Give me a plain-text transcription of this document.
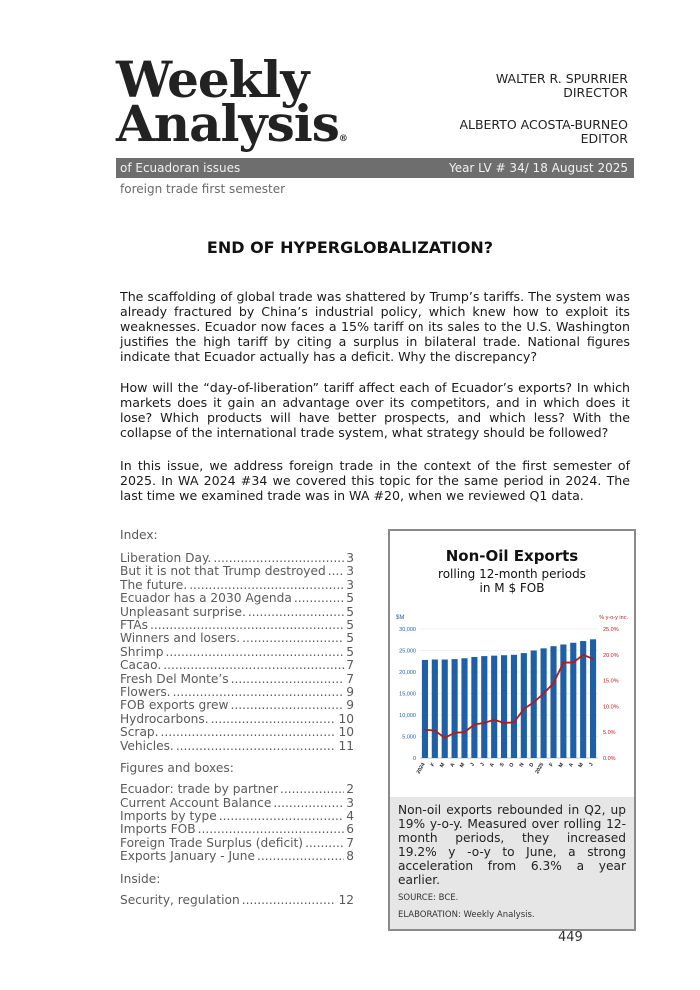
Weekly
Analysis®
WALTER R. SPURRIER
DIRECTOR
ALBERTO ACOSTA-BURNEO
EDITOR
of Ecuadoran issues	Year LV # 34/ 18 August 2025
foreign trade first semester
END OF HYPERGLOBALIZATION?
The scaffolding of global trade was shattered by Trump’s tariffs. The system was already fractured by China’s industrial policy, which knew how to exploit its weaknesses. Ecuador now faces a 15% tariff on its sales to the U.S. Washington justifies the high tariff by citing a surplus in bilateral trade. National figures indicate that Ecuador actually has a deficit. Why the discrepancy?
How will the “day-of-liberation” tariff affect each of Ecuador’s exports? In which markets does it gain an advantage over its competitors, and in which does it lose? Which products will have better prospects, and which less? With the collapse of the international trade system, what strategy should be followed?
In this issue, we address foreign trade in the context of the first semester of 2025. In WA 2024 #34 we covered this topic for the same period in 2024. The last time we examined trade was in WA #20, when we reviewed Q1 data.
Index:
Liberation Day. .....	3
But it is not that Trump destroyed ..... 3
The future. .....	3
Ecuador has a 2030 Agenda .....	5
Unpleasant surprise. .....	5
FTAs .....	5
Winners and losers. .....	5
Shrimp .....	5
Cacao. .....	7
Fresh Del Monte’s .....	7
Flowers. .....	9
FOB exports grew .....	9
Hydrocarbons. .....	10
Scrap. .....	10
Vehicles. .....	11
Figures and boxes:
Ecuador: trade by partner .....	2
Current Account Balance .....	3
Imports by type .....	4
Imports FOB .....	6
Foreign Trade Surplus (deficit) .....	7
Exports January - June .....	8
Inside:
Security, regulation .....	12
Non-Oil Exports
rolling 12-month periods
in M $ FOB
$M	% y-o-y inc.
0
5,000
10,000
15,000
20,000
25,000
30,000
0.0%
5.0%
10.0%
15.0%
20.0%
25.0%
2024 F M A M J J A S O N D
2025 F M A M J
Non-oil exports rebounded in Q2, up 19% y-o-y. Measured over rolling 12-month periods, they increased 19.2% y -o-y to June, a strong acceleration from 6.3% a year earlier.
SOURCE: BCE.
ELABORATION: Weekly Analysis.
449
